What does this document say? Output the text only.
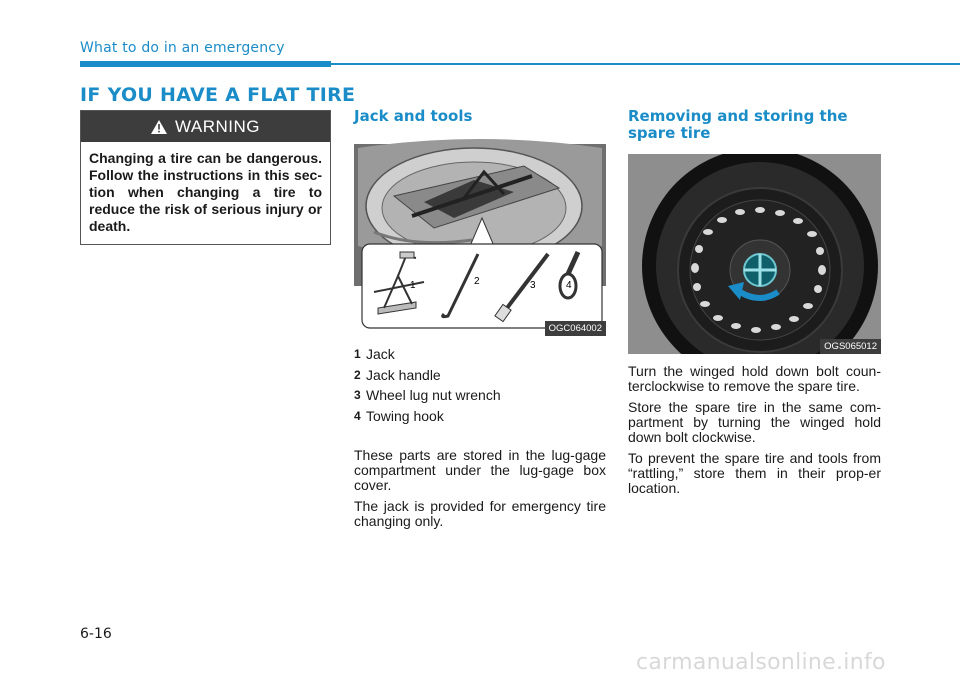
What to do in an emergency
IF YOU HAVE A FLAT TIRE
WARNING
Changing a tire can be dangerous. Follow the instructions in this sec-tion when changing a tire to reduce the risk of serious injury or death.
Jack and tools
1	2	3	4
OGC064002
1 Jack
2 Jack handle
3 Wheel lug nut wrench
4 Towing hook

These parts are stored in the lug-gage compartment under the lug-gage box cover.

The jack is provided for emergency tire changing only.

Removing and storing the spare tire
OGS065012

Turn the winged hold down bolt coun-terclockwise to remove the spare tire.

Store the spare tire in the same com-partment by turning the winged hold down bolt clockwise.

To prevent the spare tire and tools from “rattling,” store them in their prop-er location.

6-16
carmanualsonline.info
